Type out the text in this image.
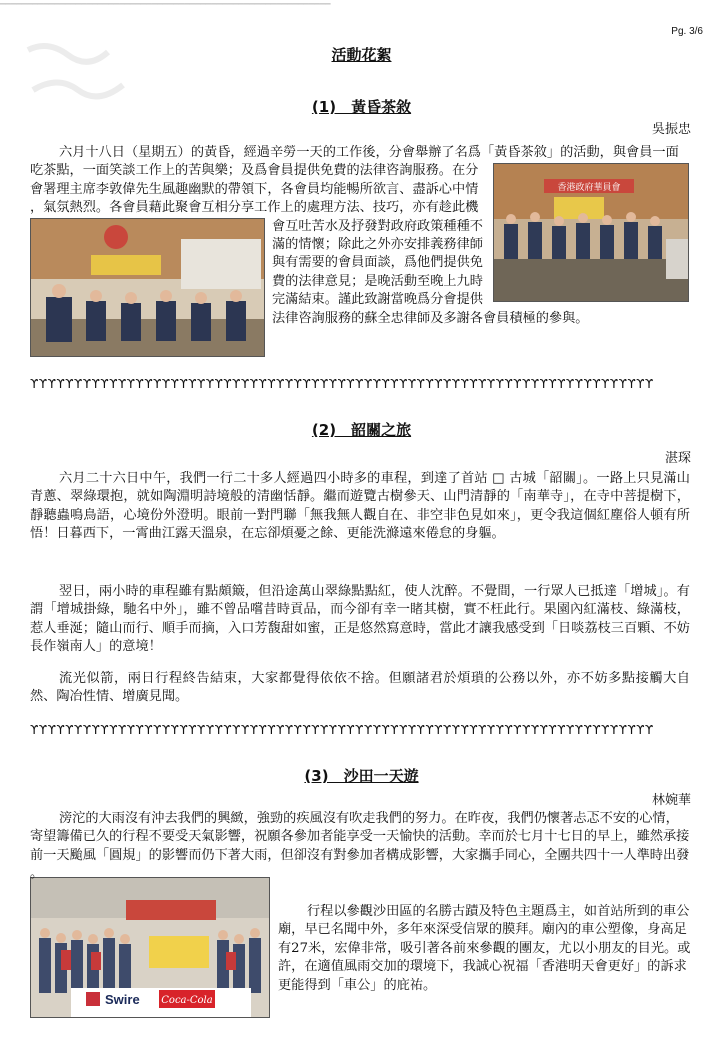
─────────────────────────────────────────────────────────────
Pg. 3/6
活動花絮
(1)　黃昏茶敘
吳振忠
香港政府華員會

六月十八日（星期五）的黃昏，經過辛勞一天的工作後，分會舉辦了名爲「黃昏茶敘」的活動，與會員一面
吃茶點，一面笑談工作上的苦與樂；及爲會員提供免費的法律咨詢服務。在分
會署理主席李敦偉先生風趣幽默的帶領下，各會員均能暢所欲言、盡訴心中情
，氣氛熱烈。各會員藉此聚會互相分享工作上的處理方法、技巧，亦有趁此機
會互吐苦水及抒發對政府政策種種不
滿的情懷；除此之外亦安排義務律師
與有需要的會員面談，爲他們提供免
費的法律意見；是晚活動至晚上九時
完滿結束。謹此致謝當晚爲分會提供
法律咨詢服務的蘇全忠律師及多謝各會員積極的參與。
ϒϒϒϒϒϒϒϒϒϒϒϒϒϒϒϒϒϒϒϒϒϒϒϒϒϒϒϒϒϒϒϒϒϒϒϒϒϒϒϒϒϒϒϒϒϒϒϒϒϒϒϒϒϒϒϒϒϒϒϒϒϒϒϒϒϒϒϒϒϒϒ
(2)　韶關之旅
湛琛

六月二十六日中午，我們一行二十多人經過四小時多的車程，到達了首站 □ 古城「韶關」。一路上只見滿山青蔥、翠綠環抱，就如陶淵明詩境般的清幽恬靜。繼而遊覽古樹參天、山門清靜的「南華寺」，在寺中菩提樹下，靜聽蟲鳴鳥語，心境份外澄明。眼前一對門聯「無我無人觀自在、非空非色見如來」，更令我這個紅塵俗人頓有所悟！日暮西下，一霄曲江露天溫泉，在忘卻煩憂之餘、更能洗滌遠來倦怠的身軀。

翌日，兩小時的車程雖有點頗簸，但沿途萬山翠綠點點紅，使人沈醉。不覺間，一行眾人已抵達「增城」。有謂「增城掛綠，馳名中外」，雖不曾品嚐昔時貢品，而今卻有幸一睹其樹，實不枉此行。果園內紅滿枝、綠滿枝，惹人垂涎；隨山而行、順手而摘，入口芳馥甜如蜜，正是悠然寫意時，當此才讓我感受到「日啖荔枝三百顆、不妨長作嶺南人」的意境！

流光似箭，兩日行程終告結束，大家都覺得依依不捨。但願諸君於煩瑣的公務以外，亦不妨多點接觸大自然、陶冶性情、增廣見聞。

ϒϒϒϒϒϒϒϒϒϒϒϒϒϒϒϒϒϒϒϒϒϒϒϒϒϒϒϒϒϒϒϒϒϒϒϒϒϒϒϒϒϒϒϒϒϒϒϒϒϒϒϒϒϒϒϒϒϒϒϒϒϒϒϒϒϒϒϒϒϒϒ
(3)　沙田一天遊
林婉華
Swire Coca-Cola

滂沱的大雨沒有沖去我們的興緻，強勁的疾風沒有吹走我們的努力。在昨夜，我們仍懷著忐忑不安的心情，
寄望籌備已久的行程不要受天氣影響，祝願各參加者能享受一天愉快的活動。幸而於七月十七日的早上，雖然承接
前一天颱風「圓規」的影響而仍下著大雨，但卻沒有對參加者構成影響，大家攜手同心，全團共四十一人準時出發
。
行程以參觀沙田區的名勝古蹟及特色主題爲主，如首站所到的車公
廟，早已名聞中外，多年來深受信眾的膜拜。廟內的車公塑像，身高足
有27米，宏偉非常，吸引著各前來參觀的團友，尤以小朋友的目光。或
許，在適值風雨交加的環境下，我誠心祝福「香港明天會更好」的訴求
更能得到「車公」的庇祐。
